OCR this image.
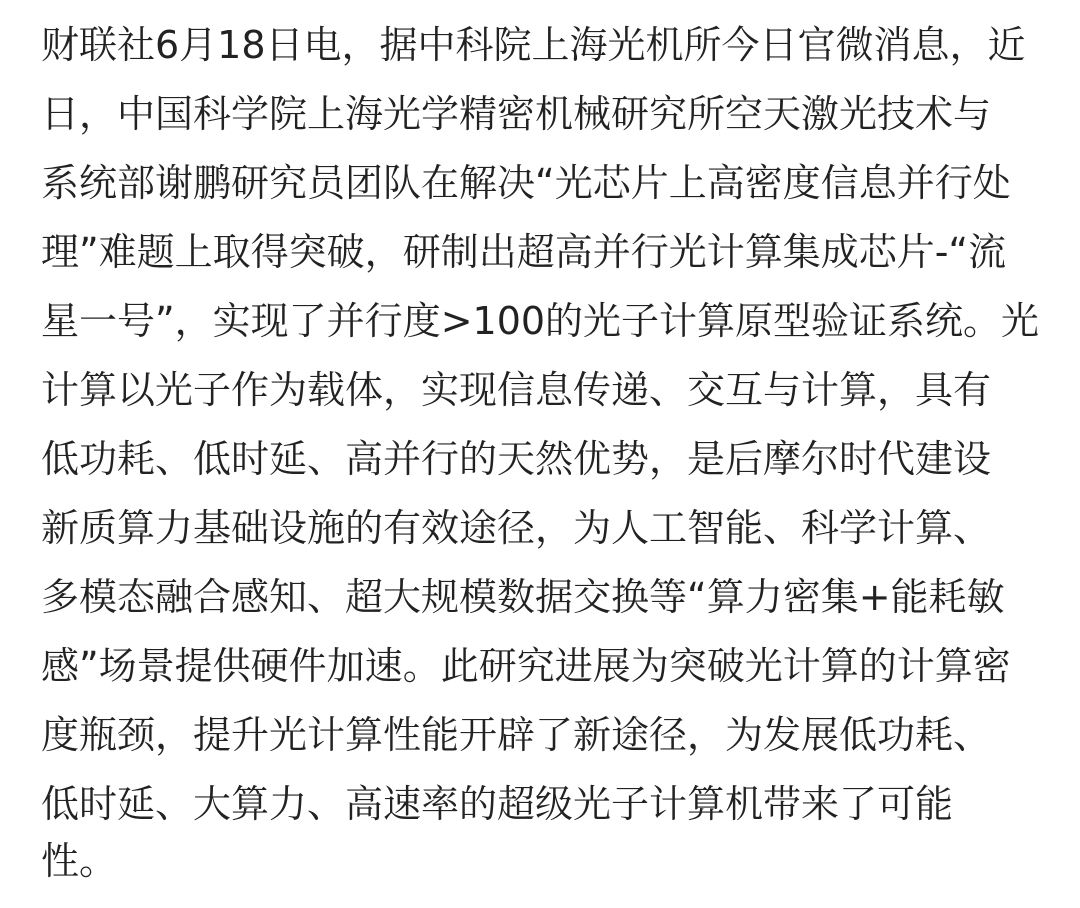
财联社6月18日电，据中科院上海光机所今日官微消息，近
日，中国科学院上海光学精密机械研究所空天激光技术与
系统部谢鹏研究员团队在解决“光芯片上高密度信息并行处
理”难题上取得突破，研制出超高并行光计算集成芯片-“流
星一号”，实现了并行度>100的光子计算原型验证系统。光
计算以光子作为载体，实现信息传递、交互与计算，具有
低功耗、低时延、高并行的天然优势，是后摩尔时代建设
新质算力基础设施的有效途径，为人工智能、科学计算、
多模态融合感知、超大规模数据交换等“算力密集+能耗敏
感”场景提供硬件加速。此研究进展为突破光计算的计算密
度瓶颈，提升光计算性能开辟了新途径，为发展低功耗、
低时延、大算力、高速率的超级光子计算机带来了可能
性。
